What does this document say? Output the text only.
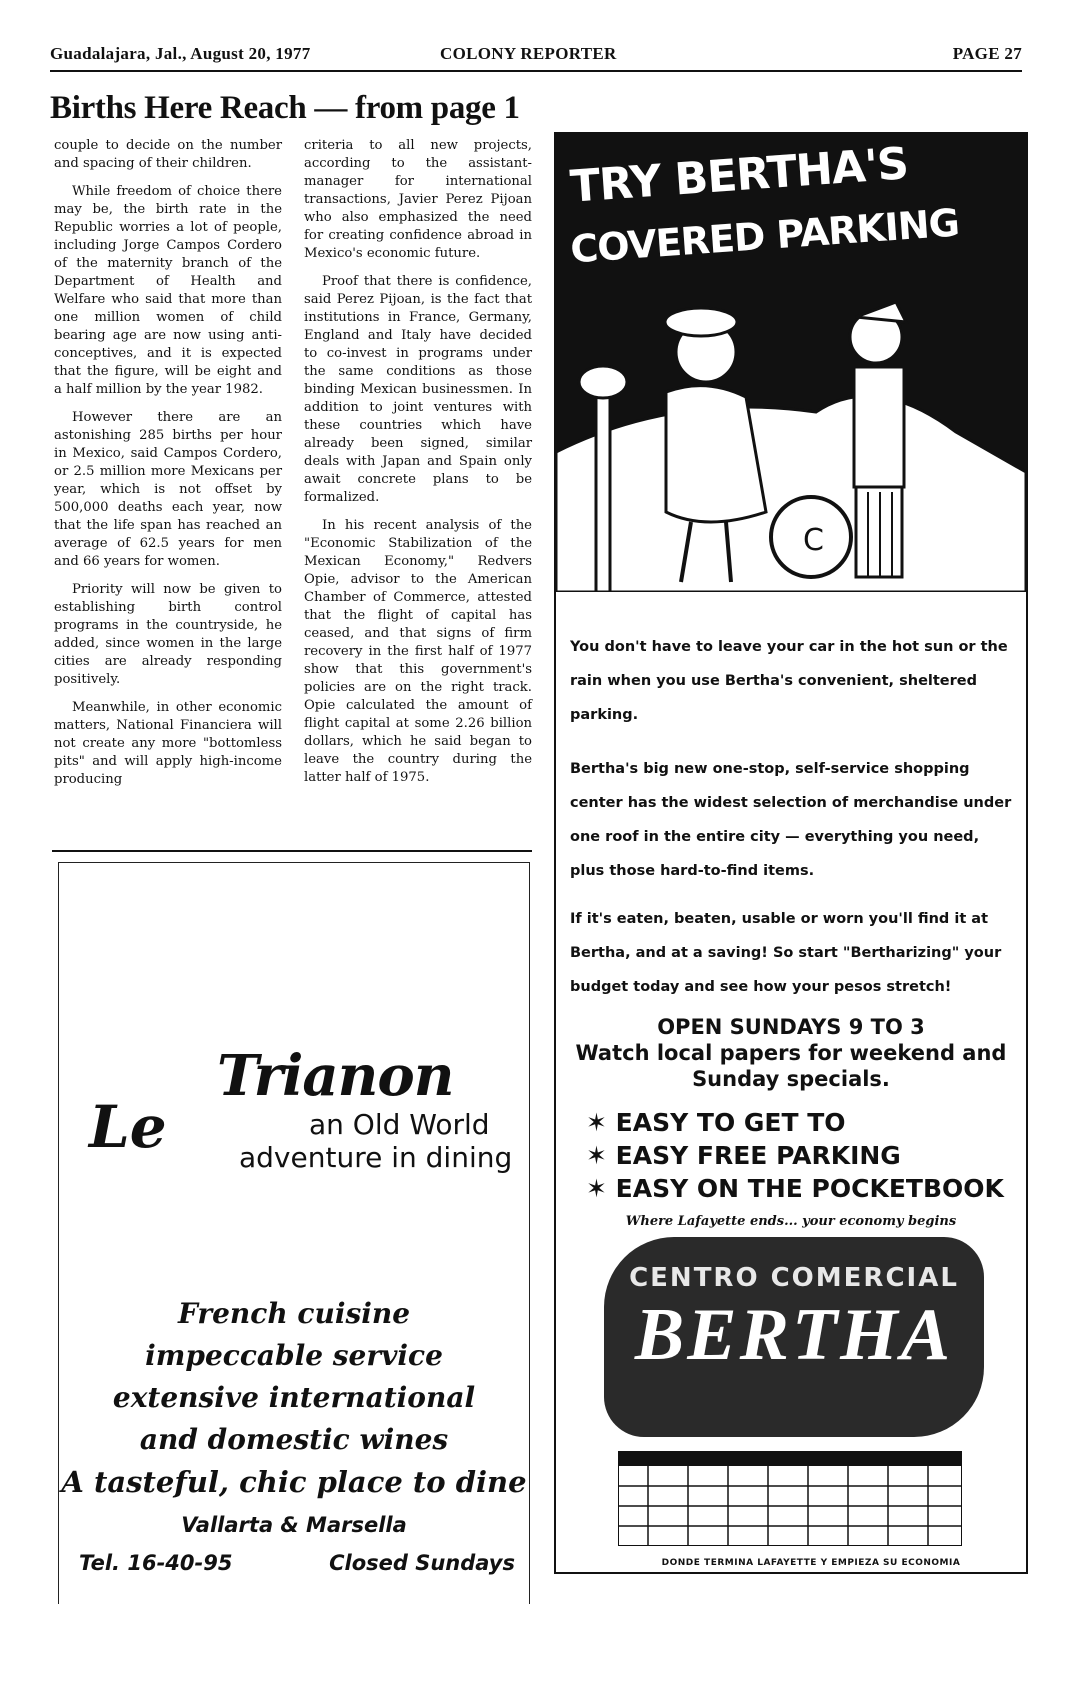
Guadalajara, Jal., August 20, 1977	COLONY REPORTER	PAGE 27
Births Here Reach — from page 1

couple to decide on the number and spacing of their children.

While freedom of choice there may be, the birth rate in the Republic worries a lot of people, including Jorge Campos Cordero of the maternity branch of the Department of Health and Welfare who said that more than one million women of child bearing age are now using anti-conceptives, and it is expected that the figure, will be eight and a half million by the year 1982.

However there are an astonishing 285 births per hour in Mexico, said Campos Cordero, or 2.5 million more Mexicans per year, which is not offset by 500,000 deaths each year, now that the life span has reached an average of 62.5 years for men and 66 years for women.

Priority will now be given to establishing birth control programs in the countryside, he added, since women in the large cities are already responding positively.

Meanwhile, in other economic matters, National Financiera will not create any more "bottomless pits" and will apply high-income producing

criteria to all new projects, according to the assistant-manager for international transactions, Javier Perez Pijoan who also emphasized the need for creating confidence abroad in Mexico's economic future.

Proof that there is confidence, said Perez Pijoan, is the fact that institutions in France, Germany, England and Italy have decided to co-invest in programs under the same conditions as those binding Mexican businessmen. In addition to joint ventures with these countries which have already been signed, similar deals with Japan and Spain only await concrete plans to be formalized.

In his recent analysis of the "Economic Stabilization of the Mexican Economy," Redvers Opie, advisor to the American Chamber of Commerce, attested that the flight of capital has ceased, and that signs of firm recovery in the first half of 1977 show that this government's policies are on the right track. Opie calculated the amount of flight capital at some 2.26 billion dollars, which he said began to leave the country during the latter half of 1975.

Le
Trianon
an Old World
adventure in dining
French cuisine
impeccable service
extensive international
and domestic wines
A tasteful, chic place to dine
Vallarta & Marsella
Tel. 16-40-95	Closed Sundays
TRY BERTHA'S
COVERED PARKING
C
You don't have to leave your car in the hot sun or the rain when you use Bertha's convenient, sheltered parking.
Bertha's big new one-stop, self-service shopping center has the widest selection of merchandise under one roof in the entire city — everything you need, plus those hard-to-find items.
If it's eaten, beaten, usable or worn you'll find it at Bertha, and at a saving! So start "Bertharizing" your budget today and see how your pesos stretch!
OPEN SUNDAYS 9 TO 3
Watch local papers for weekend and
Sunday specials.
✶ EASY TO GET TO
✶ EASY FREE PARKING
✶ EASY ON THE POCKETBOOK
Where Lafayette ends... your economy begins
CENTRO COMERCIAL
BERTHA
DONDE TERMINA LAFAYETTE Y EMPIEZA SU ECONOMIA
